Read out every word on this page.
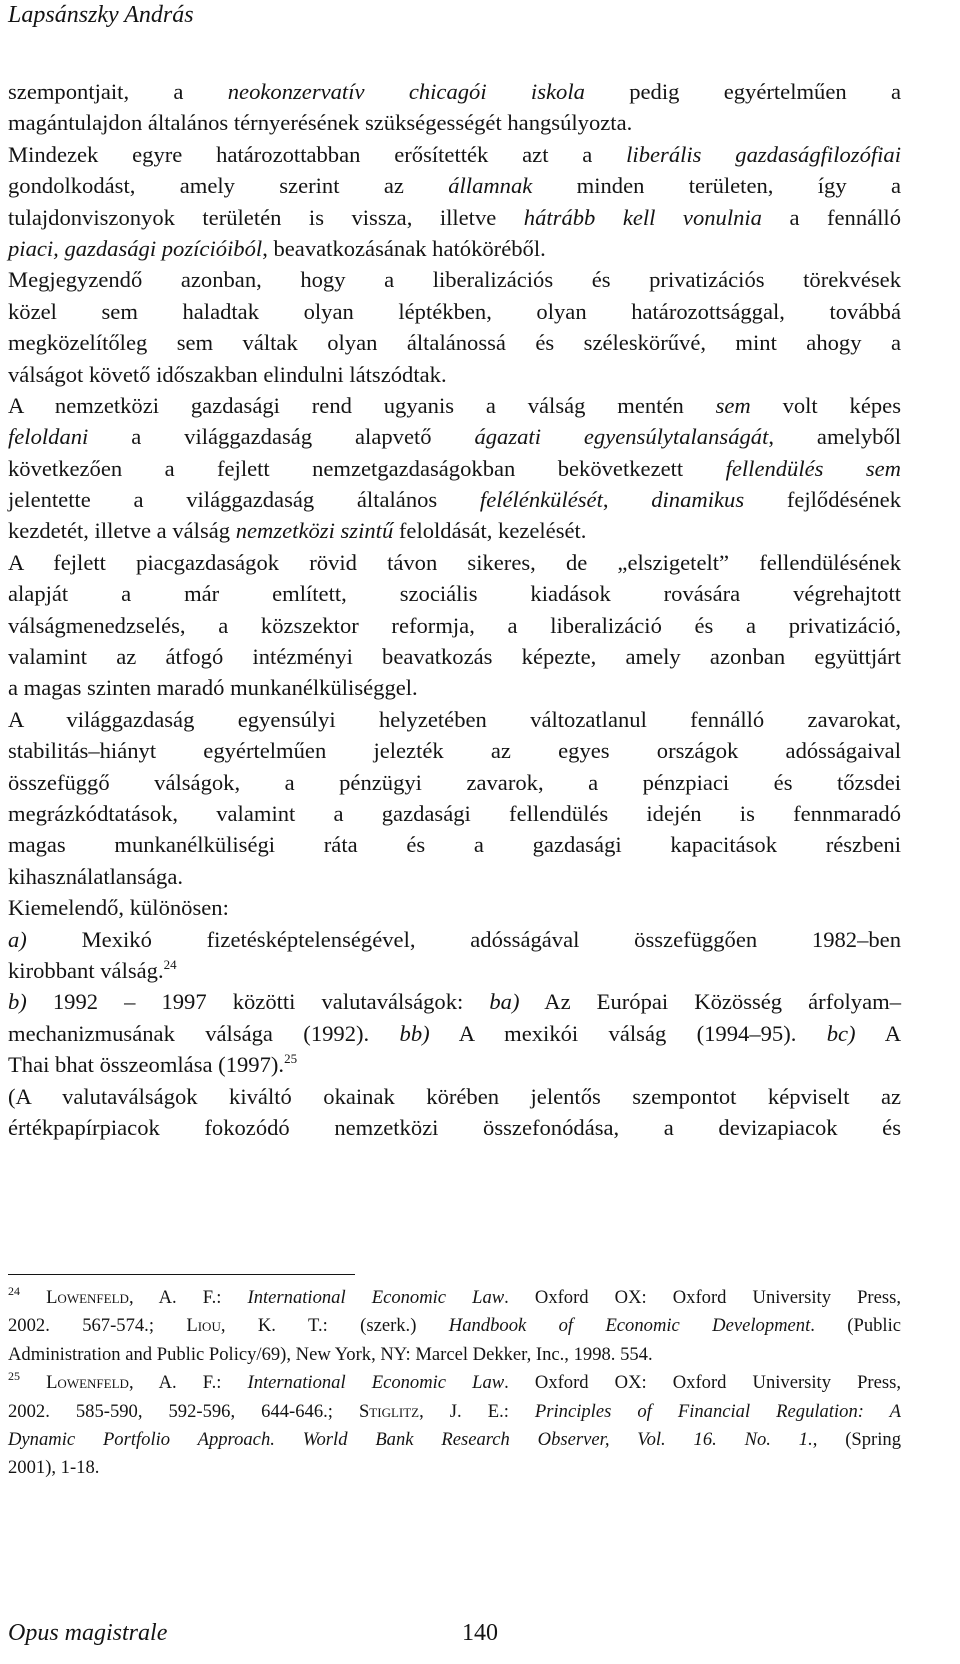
Lapsánszky András
szempontjait, a neokonzervatív chicagói iskola pedig egyértelműen a
magántulajdon általános térnyerésének szükségességét hangsúlyozta.
Mindezek egyre határozottabban erősítették azt a liberális gazdaságfilozófiai
gondolkodást, amely szerint az államnak minden területen, így a
tulajdonviszonyok területén is vissza, illetve hátrább kell vonulnia a fennálló
piaci, gazdasági pozícióiból, beavatkozásának hatóköréből.
Megjegyzendő azonban, hogy a liberalizációs és privatizációs törekvések
közel sem haladtak olyan léptékben, olyan határozottsággal, továbbá
megközelítőleg sem váltak olyan általánossá és széleskörűvé, mint ahogy a
válságot követő időszakban elindulni látszódtak.
A nemzetközi gazdasági rend ugyanis a válság mentén sem volt képes
feloldani a világgazdaság alapvető ágazati egyensúlytalanságát, amelyből
következően a fejlett nemzetgazdaságokban bekövetkezett fellendülés sem
jelentette a világgazdaság általános felélénkülését, dinamikus fejlődésének
kezdetét, illetve a válság nemzetközi szintű feloldását, kezelését.
A fejlett piacgazdaságok rövid távon sikeres, de „elszigetelt” fellendülésének
alapját a már említett, szociális kiadások rovására végrehajtott
válságmenedzselés, a közszektor reformja, a liberalizáció és a privatizáció,
valamint az átfogó intézményi beavatkozás képezte, amely azonban együttjárt
a magas szinten maradó munkanélküliséggel.
A világgazdaság egyensúlyi helyzetében változatlanul fennálló zavarokat,
stabilitás–hiányt egyértelműen jelezték az egyes országok adósságaival
összefüggő válságok, a pénzügyi zavarok, a pénzpiaci és tőzsdei
megrázkódtatások, valamint a gazdasági fellendülés idején is fennmaradó
magas munkanélküliségi ráta és a gazdasági kapacitások részbeni
kihasználatlansága.
Kiemelendő, különösen:
a) Mexikó fizetésképtelenségével, adósságával összefüggően 1982–ben
kirobbant válság.$^{24}$
b) 1992 – 1997 közötti valutaválságok: ba) Az Európai Közösség árfolyam–
mechanizmusának válsága (1992). bb) A mexikói válság (1994–95). bc) A
Thai bhat összeomlása (1997).$^{25}$
(A valutaválságok kiváltó okainak körében jelentős szempontot képviselt az
értékpapírpiacok fokozódó nemzetközi összefonódása, a devizapiacok és
$^{24}$ Lowenfeld, A. F.: International Economic Law. Oxford OX: Oxford University Press,
2002. 567-574.; Liou, K. T.: (szerk.) Handbook of Economic Development. (Public
Administration and Public Policy/69), New York, NY: Marcel Dekker, Inc., 1998. 554.
$^{25}$ Lowenfeld, A. F.: International Economic Law. Oxford OX: Oxford University Press,
2002. 585-590, 592-596, 644-646.; Stiglitz, J. E.: Principles of Financial Regulation: A
Dynamic Portfolio Approach. World Bank Research Observer, Vol. 16. No. 1., (Spring
2001), 1-18.
Opus magistrale	140
